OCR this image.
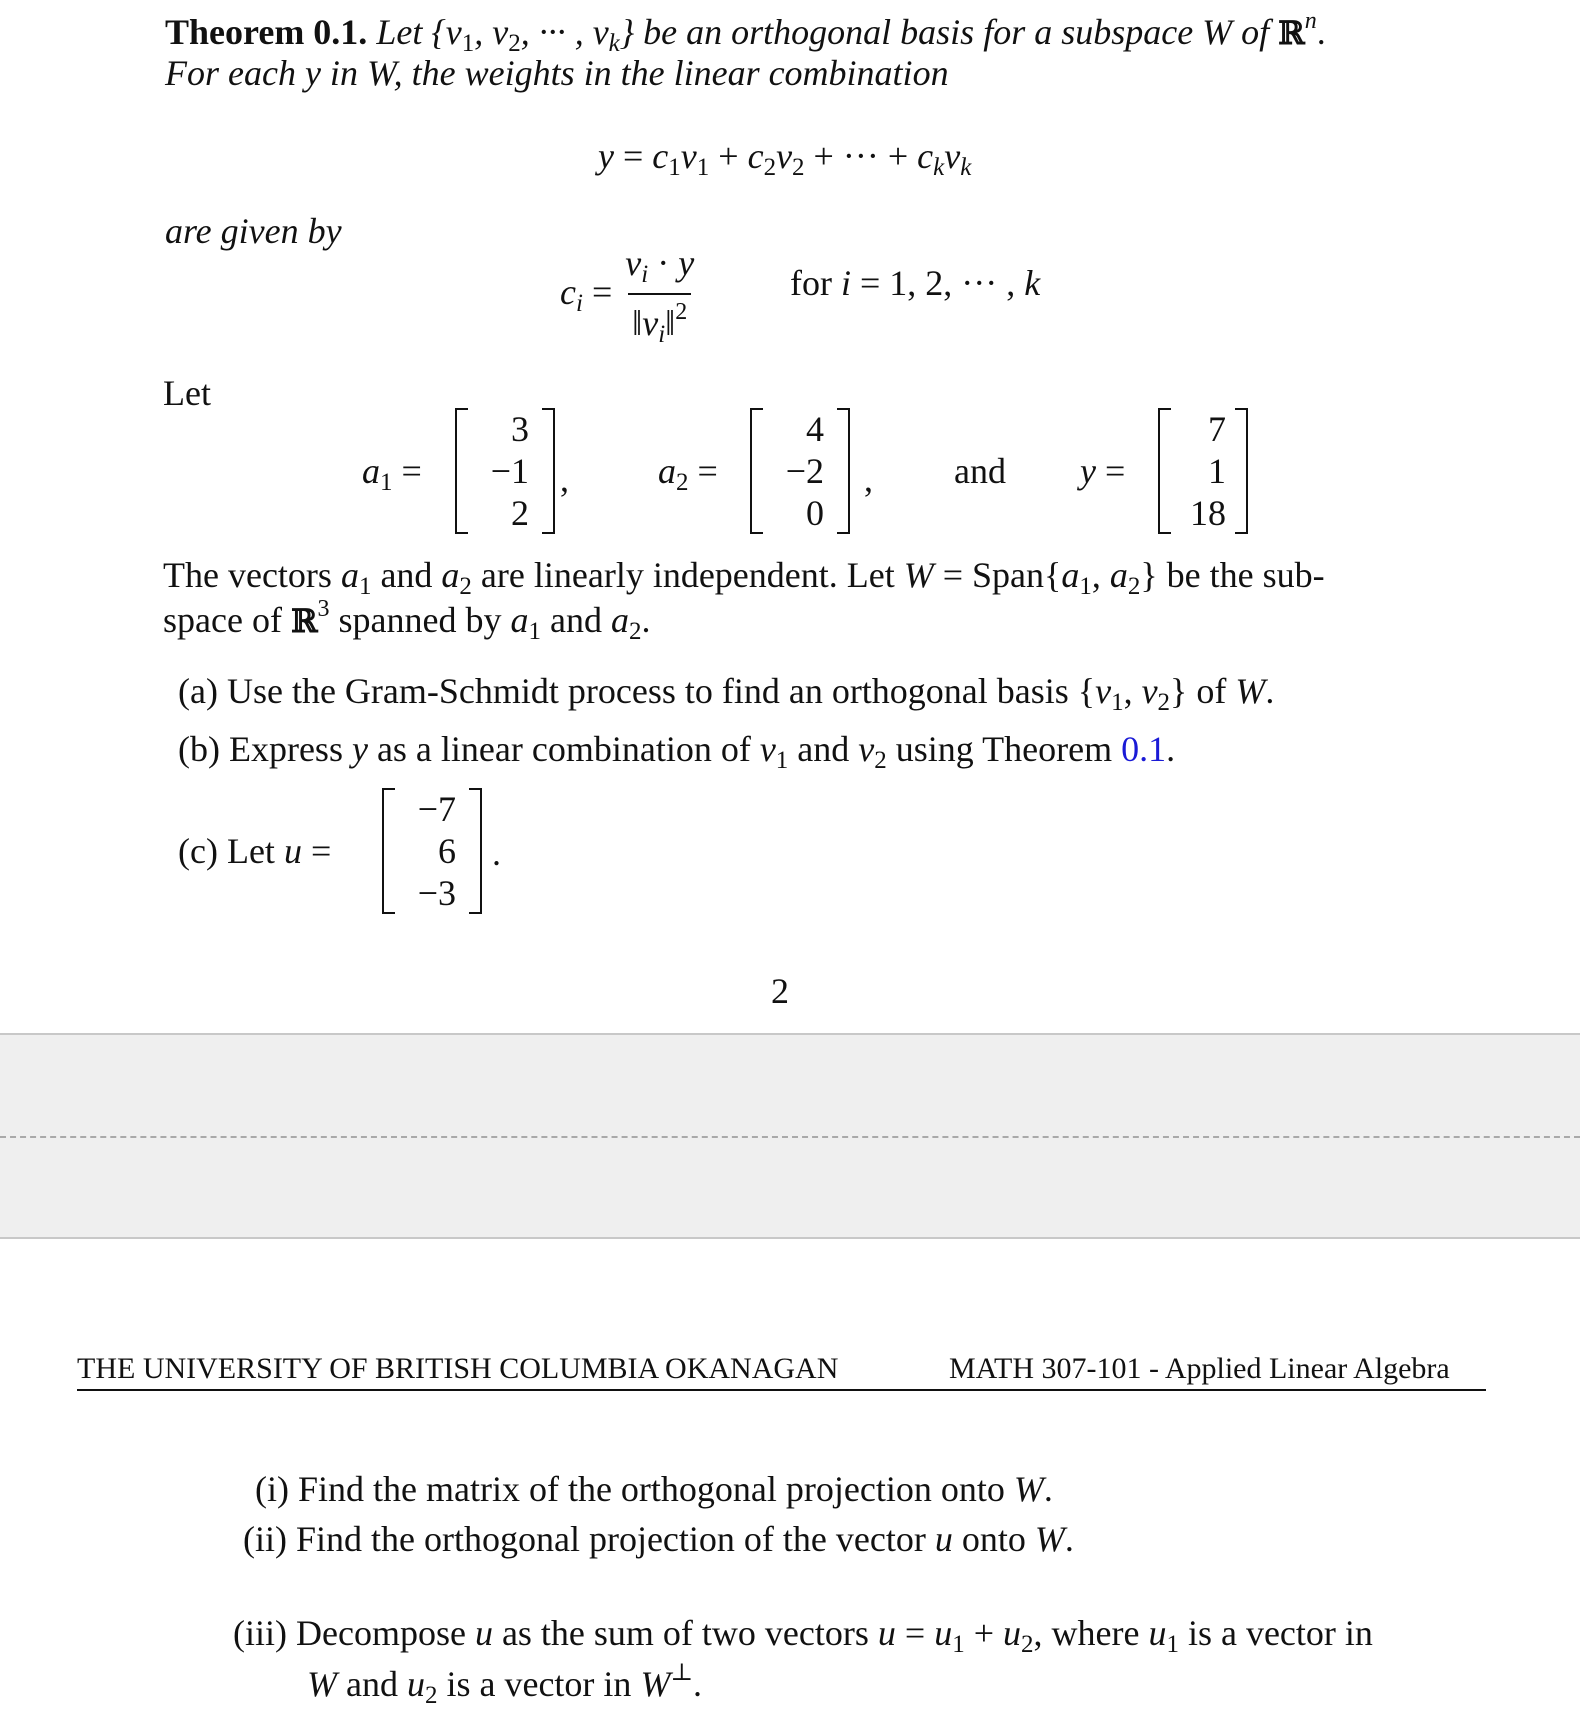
Theorem 0.1. Let {$v_1$, $v_2$, ··· , vk} be an orthogonal basis for a subspace W of ℝ$^n$.
For each y in W, the weights in the linear combination
$y = c_1v_1 + c_2v_2$ + ··· + ckvk
are given by
ci = $\frac{vi \cdot y}{‖vi‖^2}$	for i = 1, 2, ··· , k
Let
$a_1$ =
3
−1
2
, $a_2$ =
4
−2
0
, and y =
7
1
18
The vectors $a_1$ and $a_2$ are linearly independent. Let $W = Span\{a_1$, $a_2$} be the sub-
space of ℝ$^3$ spanned by $a_1$ and $a_2$.
(a) Use the Gram-Schmidt process to find an orthogonal basis {$v_1$, $v_2$} of W.
(b) Express y as a linear combination of $v_1$ and $v_2$ using Theorem 0.1.
(c) Let u =
−7
6
−3
.
2
THE UNIVERSITY OF BRITISH COLUMBIA OKANAGAN	MATH 307-101 - Applied Linear Algebra
(i) Find the matrix of the orthogonal projection onto W.
(ii) Find the orthogonal projection of the vector u onto W.
(iii) Decompose u as the sum of two vectors $u = u_1 + u_2$, where $u_1$ is a vector in
W and $u_2$ is a vector in W⊥.
